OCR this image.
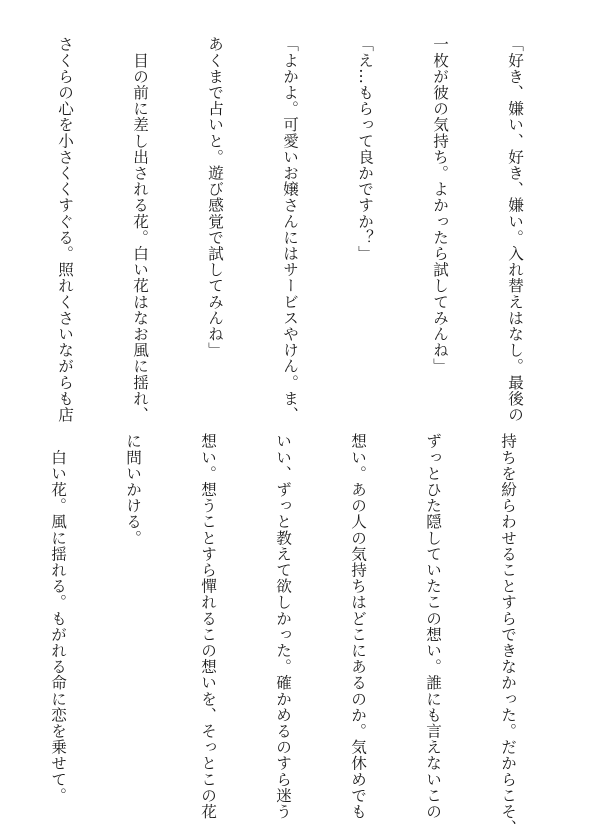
「好き、嫌い、好き、嫌い。入れ替えはなし。最後の

一枚が彼の気持ち。よかったら試してみんね」

「え…もらって良かですか？」

「よかよ。可愛いお嬢さんにはサービスやけん。ま、

あくまで占いと。遊び感覚で試してみんね」

　目の前に差し出される花。白い花はなお風に揺れ、

さくらの心を小さくくすぐる。照れくさいながらも店

持ちを紛らわせることすらできなかった。だからこそ、

ずっとひた隠していたこの想い。誰にも言えないこの

想い。あの人の気持ちはどこにあるのか。気休めでも

いい、ずっと教えて欲しかった。確かめるのすら迷う

想い。想うことすら憚れるこの想いを、そっとこの花

に問いかける。

　白い花。風に揺れる。もがれる命に恋を乗せて。
